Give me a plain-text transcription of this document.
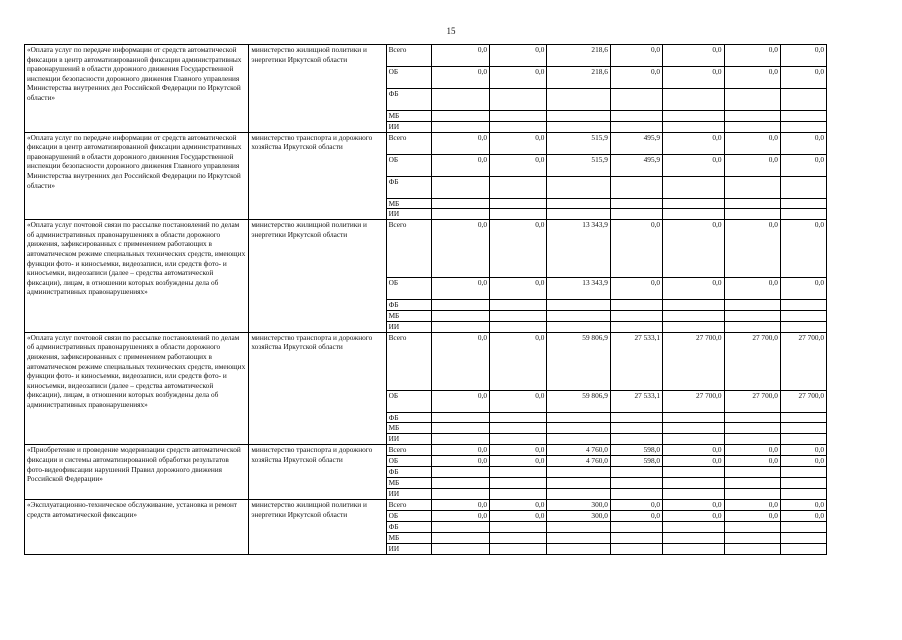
15
«Оплата услуг по передаче информации от средств автоматической фиксации в центр автоматизированной фиксации административных правонарушений в области дорожного движения Государственной инспекции безопасности дорожного движения Главного управления Министерства внутренних дел Российской Федерации по Иркутской области»	министерство жилищной политики и энергетики Иркутской области	Всего	0,0	0,0	218,6	0,0	0,0	0,0	0,0
		ОБ	0,0	0,0	218,6	0,0	0,0	0,0	0,0
		ФБ							
		МБ							
		ИИ							
«Оплата услуг по передаче информации от средств автоматической фиксации в центр автоматизированной фиксации административных правонарушений в области дорожного движения Государственной инспекции безопасности дорожного движения Главного управления Министерства внутренних дел Российской Федерации по Иркутской области»	министерство транспорта и дорожного хозяйства Иркутской области	Всего	0,0	0,0	515,9	495,9	0,0	0,0	0,0
		ОБ	0,0	0,0	515,9	495,9	0,0	0,0	0,0
		ФБ							
		МБ							
		ИИ							
«Оплата услуг почтовой связи по рассылке постановлений по делам об административных правонарушениях в области дорожного движения, зафиксированных с применением работающих в автоматическом режиме специальных технических средств, имеющих функции фото- и киносъемки, видеозаписи, или средств фото- и киносъемки, видеозаписи (далее – средства автоматической фиксации), лицам, в отношении которых возбуждены дела об административных правонарушениях»	министерство жилищной политики и энергетики Иркутской области	Всего	0,0	0,0	13 343,9	0,0	0,0	0,0	0,0
		ОБ	0,0	0,0	13 343,9	0,0	0,0	0,0	0,0
		ФБ							
		МБ							
		ИИ							
«Оплата услуг почтовой связи по рассылке постановлений по делам об административных правонарушениях в области дорожного движения, зафиксированных с применением работающих в автоматическом режиме специальных технических средств, имеющих функции фото- и киносъемки, видеозаписи, или средств фото- и киносъемки, видеозаписи (далее – средства автоматической фиксации), лицам, в отношении которых возбуждены дела об административных правонарушениях»	министерство транспорта и дорожного хозяйства Иркутской области	Всего	0,0	0,0	59 806,9	27 533,1	27 700,0	27 700,0	27 700,0
		ОБ	0,0	0,0	59 806,9	27 533,1	27 700,0	27 700,0	27 700,0
		ФБ							
		МБ							
		ИИ							
«Приобретение и проведение модернизации средств автоматической фиксации и системы автоматизированной обработки результатов фото-видеофиксации нарушений Правил дорожного движения Российской Федерации»	министерство транспорта и дорожного хозяйства Иркутской области	Всего	0,0	0,0	4 760,0	598,0	0,0	0,0	0,0
		ОБ	0,0	0,0	4 760,0	598,0	0,0	0,0	0,0
		ФБ							
		МБ							
		ИИ							
«Эксплуатационно-техническое обслуживание, установка и ремонт средств автоматической фиксации»	министерство жилищной политики и энергетики Иркутской области	Всего	0,0	0,0	300,0	0,0	0,0	0,0	0,0
		ОБ	0,0	0,0	300,0	0,0	0,0	0,0	0,0
		ФБ							
		МБ							
		ИИ							
